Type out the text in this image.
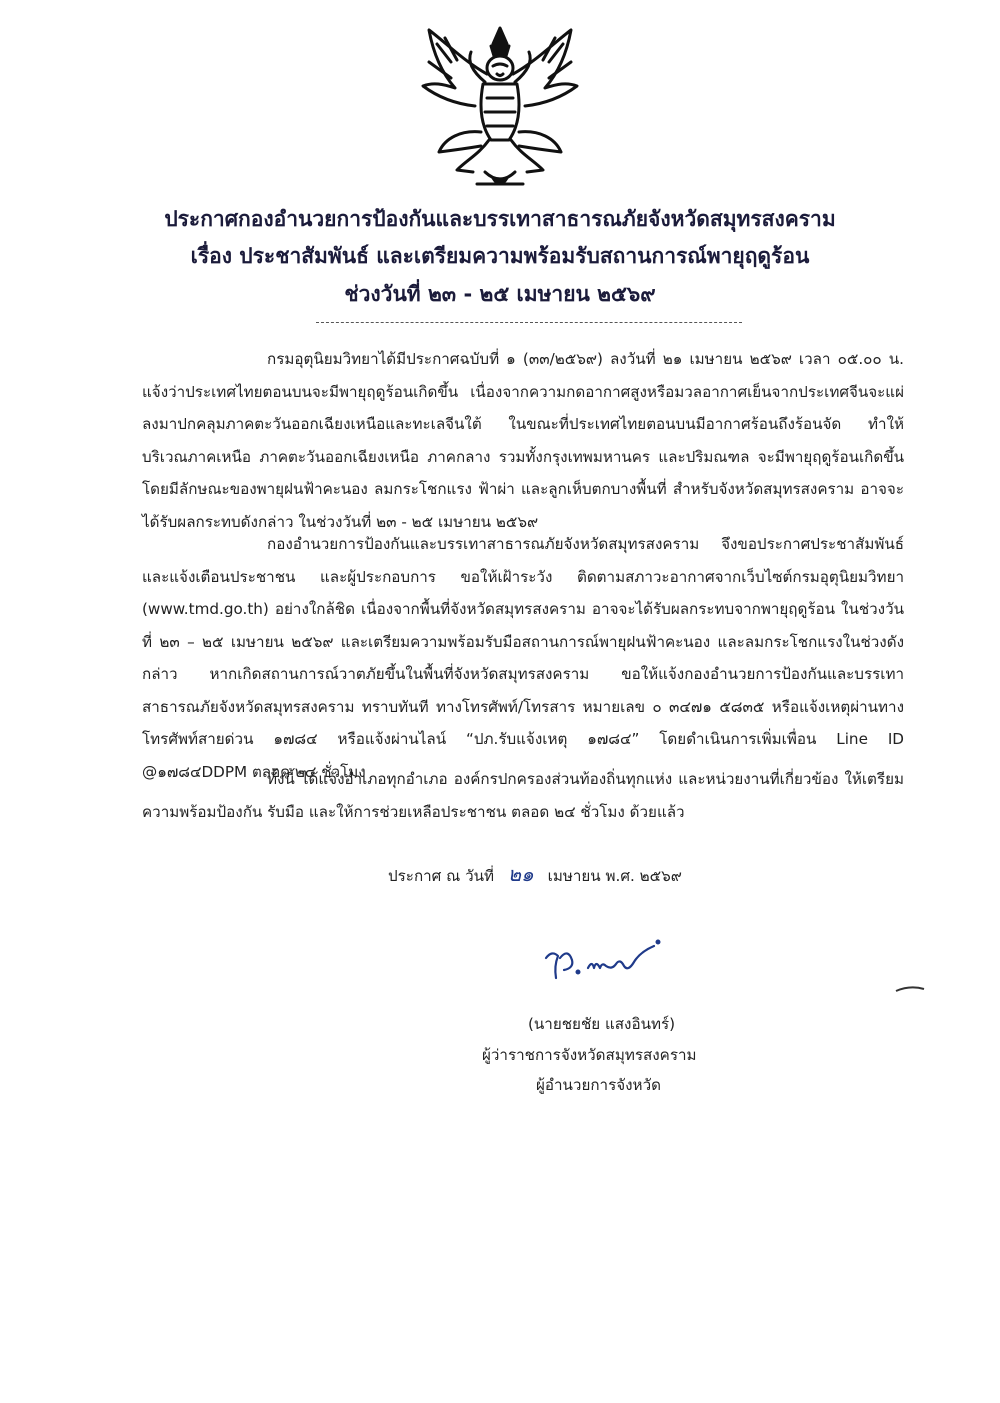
ประกาศกองอำนวยการป้องกันและบรรเทาสาธารณภัยจังหวัดสมุทรสงคราม
เรื่อง ประชาสัมพันธ์ และเตรียมความพร้อมรับสถานการณ์พายุฤดูร้อน
ช่วงวันที่ ๒๓ - ๒๕ เมษายน ๒๕๖๙
กรมอุตุนิยมวิทยาได้มีประกาศฉบับที่ ๑ (๓๓/๒๕๖๙) ลงวันที่ ๒๑ เมษายน ๒๕๖๙ เวลา ๐๕.๐๐ น. แจ้งว่าประเทศไทยตอนบนจะมีพายุฤดูร้อนเกิดขึ้น เนื่องจากความกดอากาศสูงหรือมวลอากาศเย็นจากประเทศจีนจะแผ่ลงมาปกคลุมภาคตะวันออกเฉียงเหนือและทะเลจีนใต้ ในขณะที่ประเทศไทยตอนบนมีอากาศร้อนถึงร้อนจัด ทำให้บริเวณภาคเหนือ ภาคตะวันออกเฉียงเหนือ ภาคกลาง รวมทั้งกรุงเทพมหานคร และปริมณฑล จะมีพายุฤดูร้อนเกิดขึ้น โดยมีลักษณะของพายุฝนฟ้าคะนอง ลมกระโชกแรง ฟ้าผ่า และลูกเห็บตกบางพื้นที่ สำหรับจังหวัดสมุทรสงคราม อาจจะได้รับผลกระทบดังกล่าว ในช่วงวันที่ ๒๓ - ๒๕ เมษายน ๒๕๖๙
กองอำนวยการป้องกันและบรรเทาสาธารณภัยจังหวัดสมุทรสงคราม จึงขอประกาศประชาสัมพันธ์และแจ้งเตือนประชาชน และผู้ประกอบการ ขอให้เฝ้าระวัง ติดตามสภาวะอากาศจากเว็บไซต์กรมอุตุนิยมวิทยา (www.tmd.go.th) อย่างใกล้ชิด เนื่องจากพื้นที่จังหวัดสมุทรสงคราม อาจจะได้รับผลกระทบจากพายุฤดูร้อน ในช่วงวันที่ ๒๓ – ๒๕ เมษายน ๒๕๖๙ และเตรียมความพร้อมรับมือสถานการณ์พายุฝนฟ้าคะนอง และลมกระโชกแรงในช่วงดังกล่าว หากเกิดสถานการณ์วาตภัยขึ้นในพื้นที่จังหวัดสมุทรสงคราม ขอให้แจ้งกองอำนวยการป้องกันและบรรเทาสาธารณภัยจังหวัดสมุทรสงคราม ทราบทันที ทางโทรศัพท์/โทรสาร หมายเลข ๐ ๓๔๗๑ ๕๘๓๕ หรือแจ้งเหตุผ่านทางโทรศัพท์สายด่วน ๑๗๘๔ หรือแจ้งผ่านไลน์ “ปภ.รับแจ้งเหตุ ๑๗๘๔” โดยดำเนินการเพิ่มเพื่อน Line ID @๑๗๘๔DDPM ตลอด ๒๔ ชั่วโมง
ทั้งนี้ ได้แจ้งอำเภอทุกอำเภอ องค์กรปกครองส่วนท้องถิ่นทุกแห่ง และหน่วยงานที่เกี่ยวข้อง ให้เตรียมความพร้อมป้องกัน รับมือ และให้การช่วยเหลือประชาชน ตลอด ๒๔ ชั่วโมง ด้วยแล้ว
ประกาศ ณ วันที่ ๒๑ เมษายน พ.ศ. ๒๕๖๙
(นายชยชัย แสงอินทร์)
ผู้ว่าราชการจังหวัดสมุทรสงคราม
ผู้อำนวยการจังหวัด
